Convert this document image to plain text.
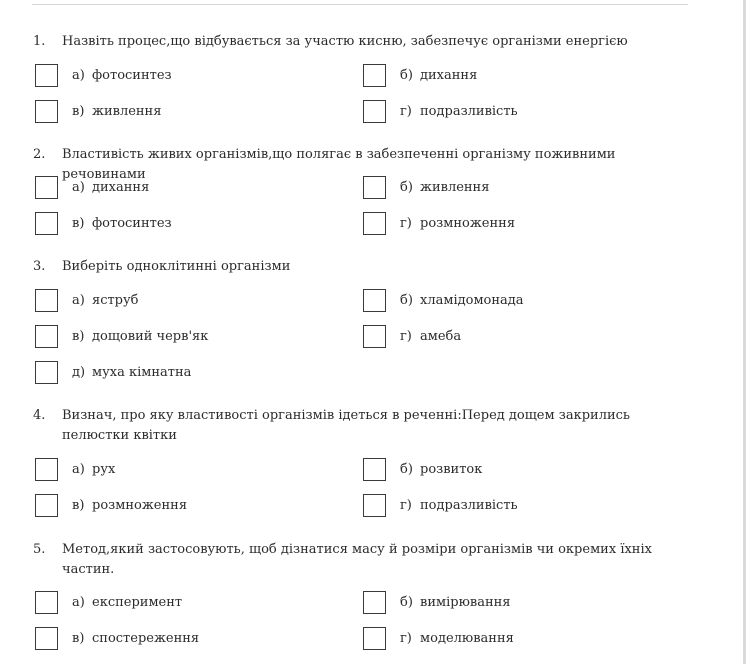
1.	Назвіть процес,що відбувається за участю кисню, забезпечує організми енергією
а) фотосинтез	б) дихання
в) живлення	г) подразливість
2.	Властивість живих організмів,що полягає в забезпеченні організму поживними речовинами
а) дихання	б) живлення
в) фотосинтез	г) розмноження
3.	Виберіть одноклітинні організми
а) яструб	б) хламідомонада
в) дощовий черв'як	г) амеба
д) муха кімнатна
4.	Визнач, про яку властивості організмів ідеться в реченні:Перед дощем закрились пелюстки квітки
а) рух	б) розвиток
в) розмноження	г) подразливість
5.	Метод,який застосовують, щоб дізнатися масу й розміри організмів чи окремих їхніх частин.
а) експеримент	б) вимірювання
в) спостереження	г) моделювання
